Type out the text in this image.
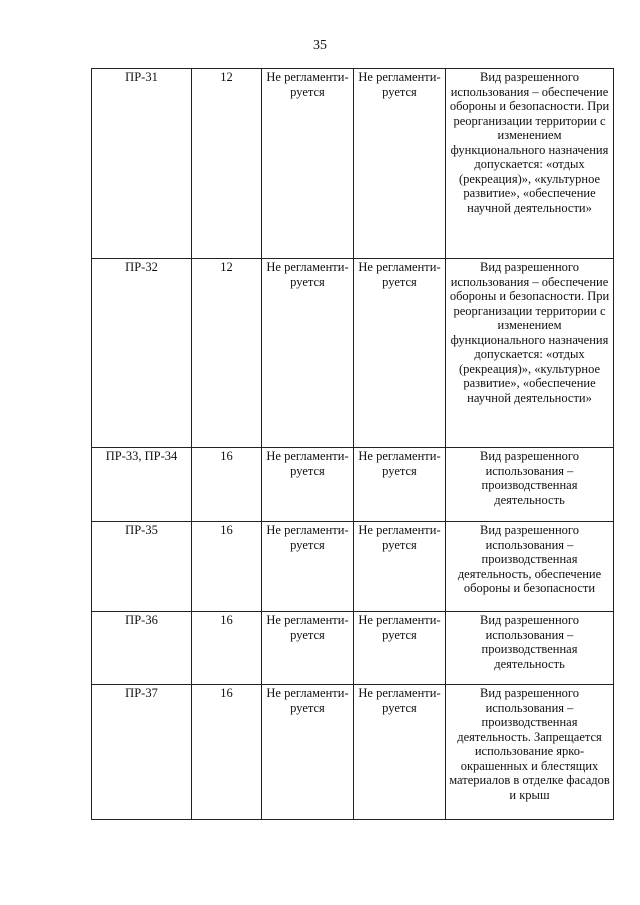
35
ПР-31	12	Не регламенти-руется	Не регламенти-руется	Вид разрешенного использования – обеспечение обороны и безопасности. При реорганизации территории с изменением функционального назначения допускается: «отдых (рекреация)», «культурное развитие», «обеспечение научной деятельности»
ПР-32	12	Не регламенти-руется	Не регламенти-руется	Вид разрешенного использования – обеспечение обороны и безопасности. При реорганизации территории с изменением функционального назначения допускается: «отдых (рекреация)», «культурное развитие», «обеспечение научной деятельности»
ПР-33, ПР-34	16	Не регламенти-руется	Не регламенти-руется	Вид разрешенного использования – производственная деятельность
ПР-35	16	Не регламенти-руется	Не регламенти-руется	Вид разрешенного использования – производственная деятельность, обеспечение обороны и безопасности
ПР-36	16	Не регламенти-руется	Не регламенти-руется	Вид разрешенного использования – производственная деятельность
ПР-37	16	Не регламенти-руется	Не регламенти-руется	Вид разрешенного использования – производственная деятельность. Запрещается использование ярко-окрашенных и блестящих материалов в отделке фасадов и крыш
